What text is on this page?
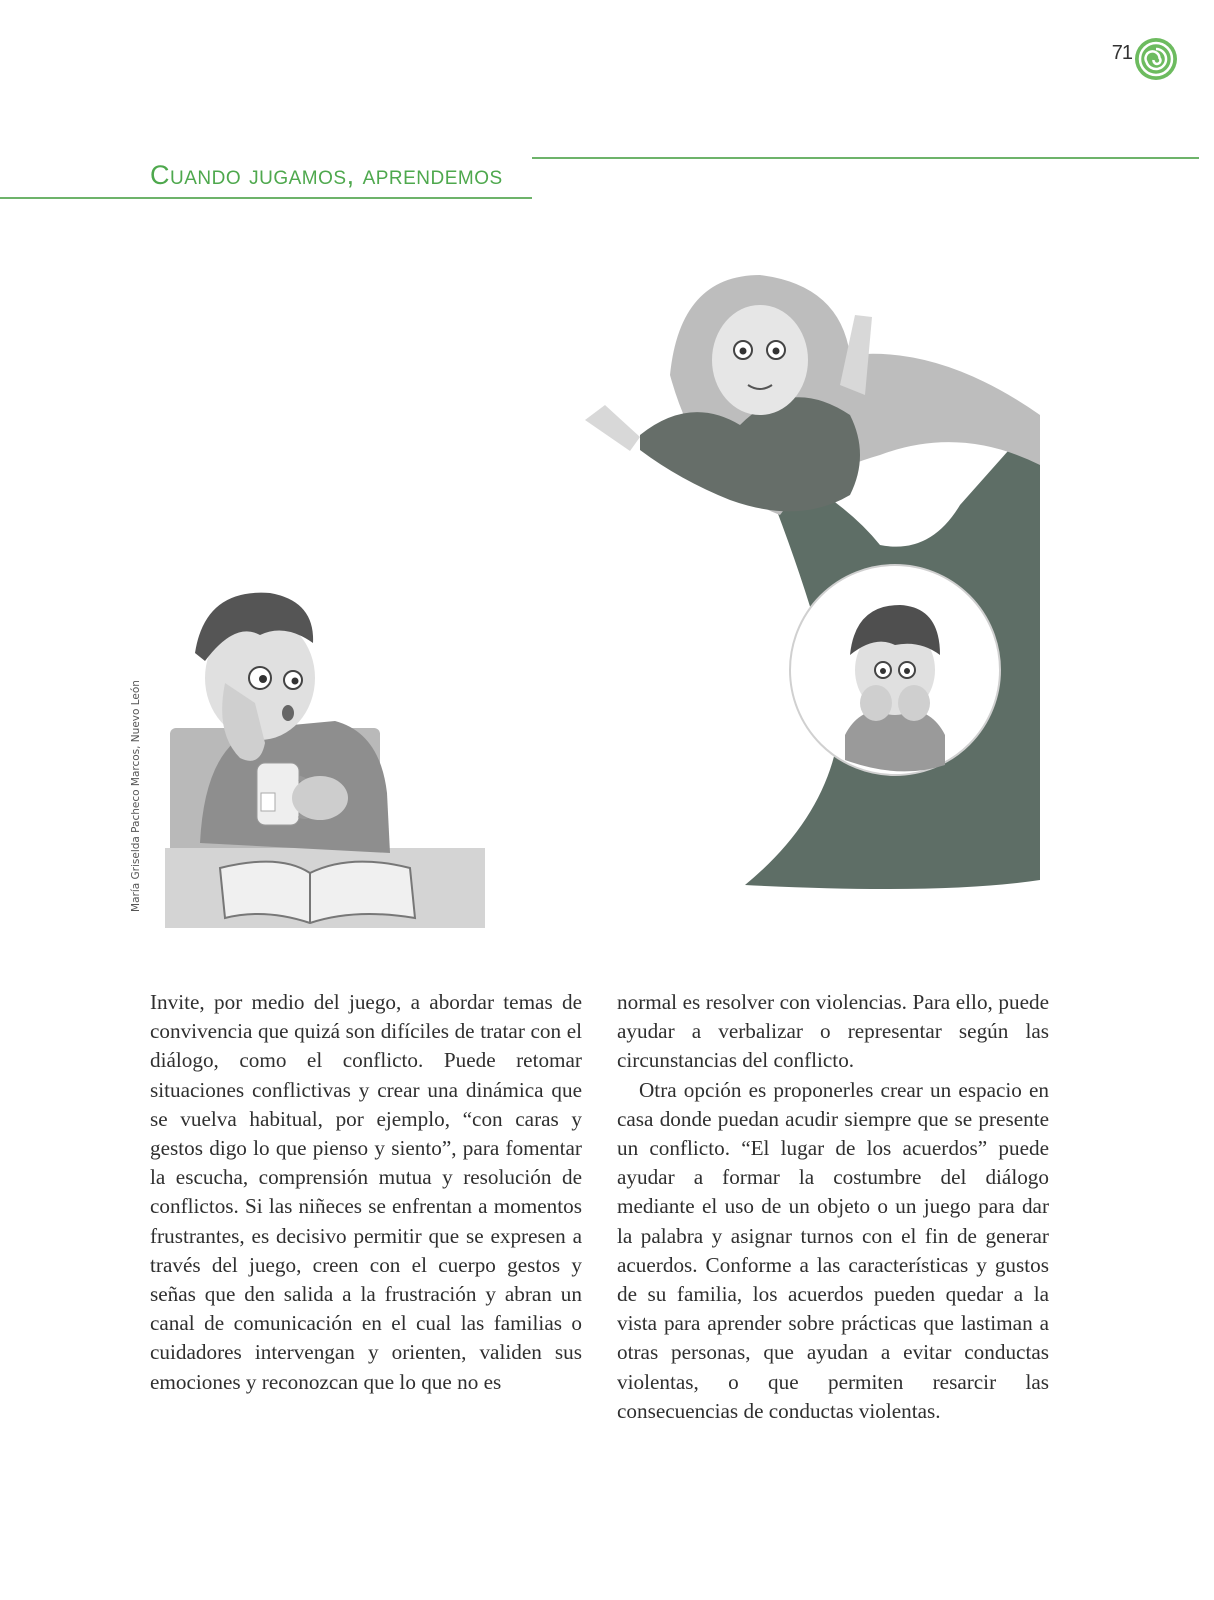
71
Cuando jugamos, aprendemos
María Griselda Pacheco Marcos, Nuevo León

Invite, por medio del juego, a abordar temas de convivencia que quizá son difíciles de tratar con el diálogo, como el conflicto. Puede retomar situaciones conflictivas y crear una dinámica que se vuelva habitual, por ejemplo, “con caras y gestos digo lo que pienso y siento”, para fomentar la escucha, comprensión mutua y resolución de conflictos. Si las niñeces se enfrentan a momentos frustrantes, es decisivo permitir que se expresen a través del juego, creen con el cuerpo gestos y señas que den salida a la frustración y abran un canal de comunicación en el cual las familias o cuidadores intervengan y orienten, validen sus emociones y reconozcan que lo que no es

normal es resolver con violencias. Para ello, puede ayudar a verbalizar o representar según las circunstancias del conflicto.

Otra opción es proponerles crear un espacio en casa donde puedan acudir siempre que se presente un conflicto. “El lugar de los acuerdos” puede ayudar a formar la costumbre del diálogo mediante el uso de un objeto o un juego para dar la palabra y asignar turnos con el fin de generar acuerdos. Conforme a las características y gustos de su familia, los acuerdos pueden quedar a la vista para aprender sobre prácticas que lastiman a otras personas, que ayudan a evitar conductas violentas, o que permiten resarcir las consecuencias de conductas violentas.
